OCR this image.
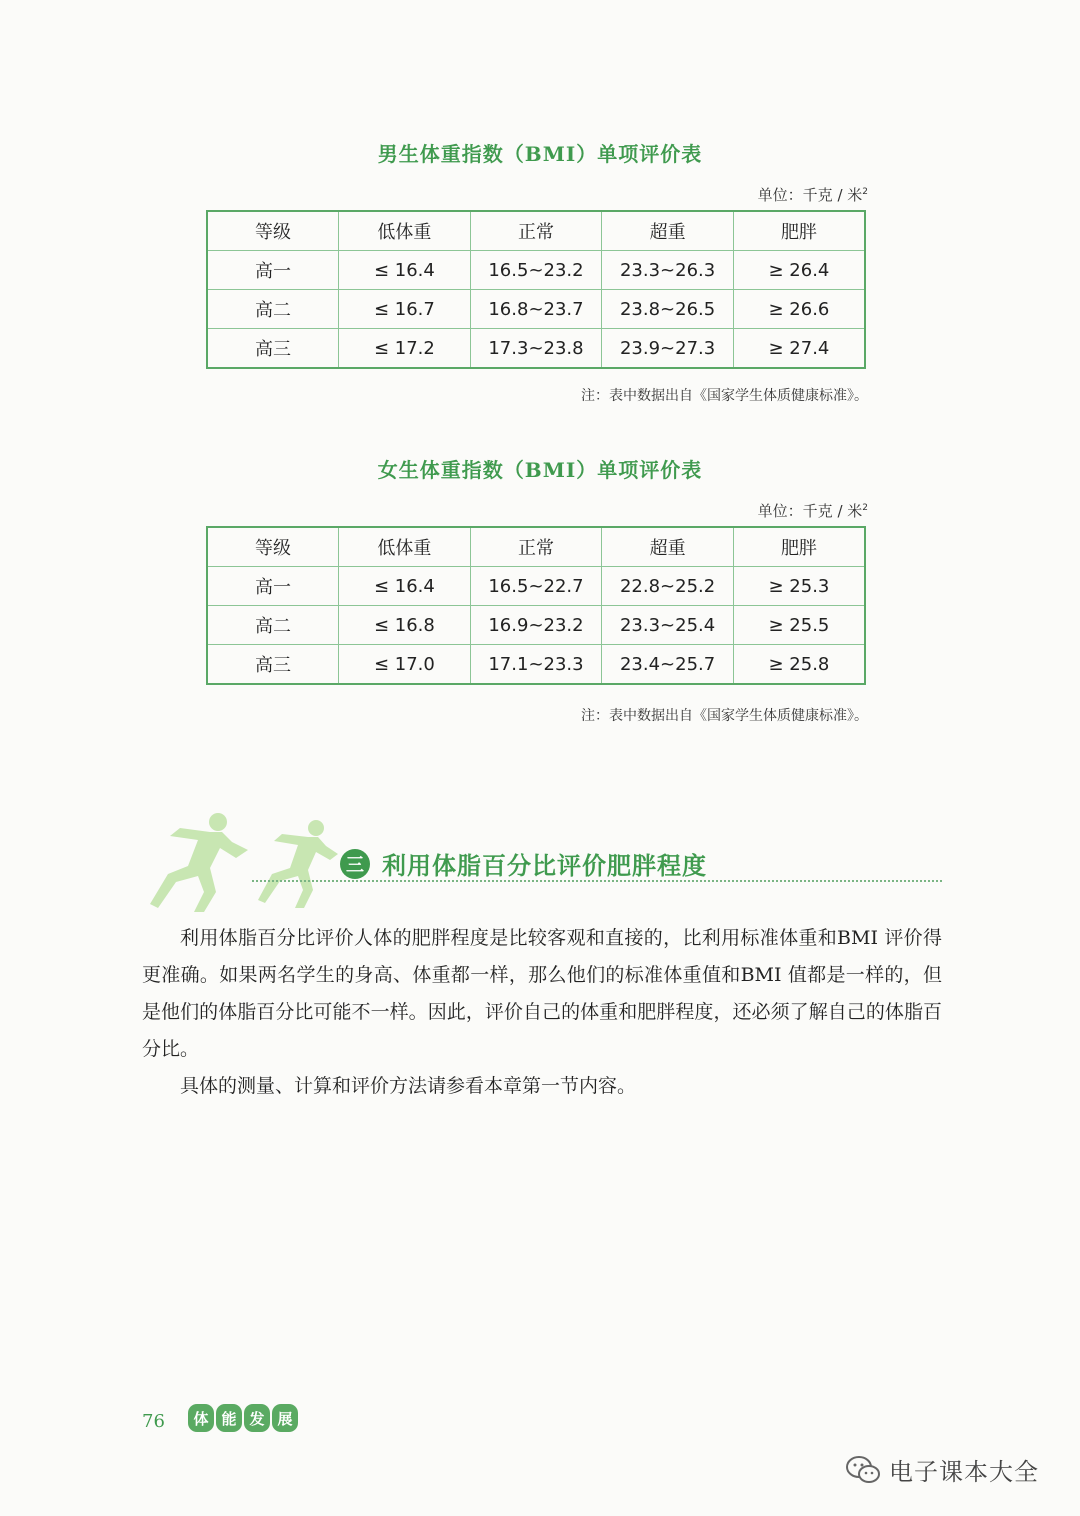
男生体重指数（BMI）单项评价表
单位：千克 / 米$^2$
等级	低体重	正常	超重	肥胖
高一	≤ 16.4	16.5~23.2	23.3~26.3	≥ 26.4
高二	≤ 16.7	16.8~23.7	23.8~26.5	≥ 26.6
高三	≤ 17.2	17.3~23.8	23.9~27.3	≥ 27.4
注：表中数据出自《国家学生体质健康标准》。
女生体重指数（BMI）单项评价表
单位：千克 / 米$^2$
等级	低体重	正常	超重	肥胖
高一	≤ 16.4	16.5~22.7	22.8~25.2	≥ 25.3
高二	≤ 16.8	16.9~23.2	23.3~25.4	≥ 25.5
高三	≤ 17.0	17.1~23.3	23.4~25.7	≥ 25.8
注：表中数据出自《国家学生体质健康标准》。
三 利用体脂百分比评价肥胖程度

利用体脂百分比评价人体的肥胖程度是比较客观和直接的，比利用标准体重和BMI 评价得更准确。如果两名学生的身高、体重都一样，那么他们的标准体重值和BMI 值都是一样的，但是他们的体脂百分比可能不一样。因此，评价自己的体重和肥胖程度，还必须了解自己的体脂百分比。

具体的测量、计算和评价方法请参看本章第一节内容。

76	体 能 发 展
电子课本大全
